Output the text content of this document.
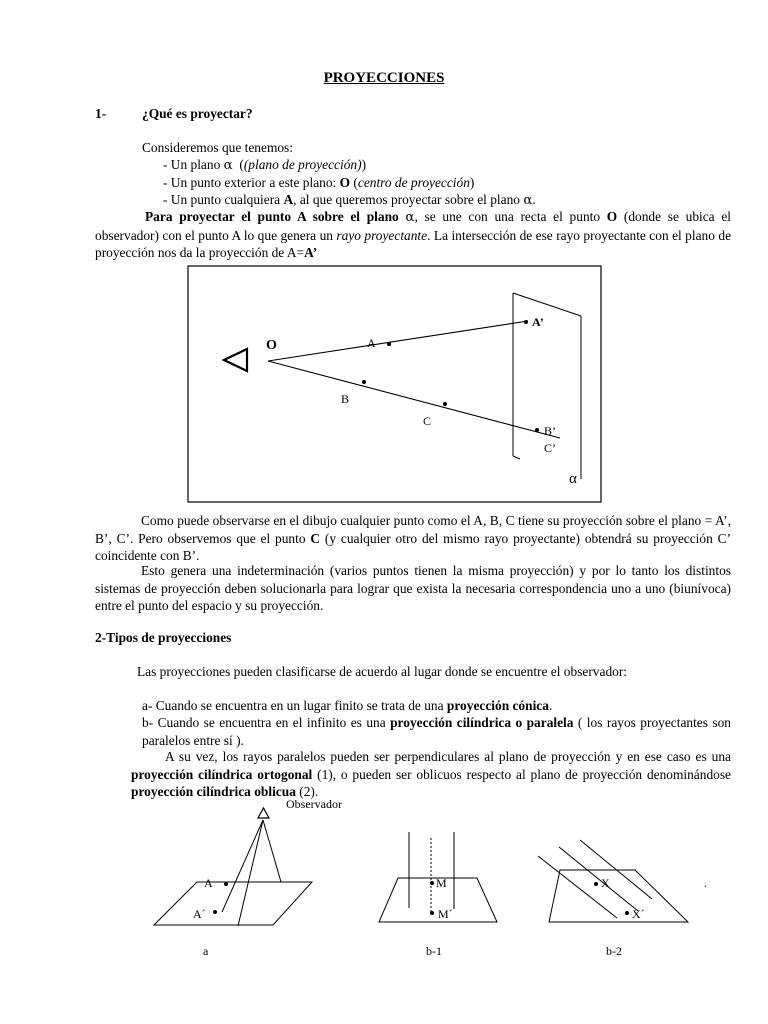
PROYECCIONES
1-	¿Qué es proyectar?
Consideremos que tenemos:
- Un plano α  ((plano de proyección))
- Un punto exterior a este plano: O (centro de proyección)
- Un punto cualquiera A, al que queremos proyectar sobre el plano α.
Para proyectar el punto A sobre el plano α, se une con una recta el punto O (donde se ubica el observador) con el punto A lo que genera un rayo proyectante. La intersección de ese rayo proyectante con el plano de proyección nos da la proyección de A=A’
O	A
B
C
A’
B’
C’
α
Como puede observarse en el dibujo cualquier punto como el A, B, C tiene su proyección sobre el plano = A’, B’, C’. Pero observemos que el punto C (y cualquier otro del mismo rayo proyectante) obtendrá su proyección C’ coincidente con B’.
Esto genera una indeterminación (varios puntos tienen la misma proyección) y por lo tanto los distintos sistemas de proyección deben solucionarla para lograr que exista la necesaria correspondencia uno a uno (biunívoca) entre el punto del espacio y su proyección.
2-Tipos de proyecciones
Las proyecciones pueden clasificarse de acuerdo al lugar donde se encuentre el observador:
a- Cuando se encuentra en un lugar finito se trata de una proyección cónica.
b- Cuando se encuentra en el infinito es una proyección cilíndrica o paralela ( los rayos proyectantes son paralelos entre sí ).
A su vez, los rayos paralelos pueden ser perpendiculares al plano de proyección y en ese caso es una proyección cilíndrica ortogonal (1), o pueden ser oblicuos respecto al plano de proyección denominándose proyección cilíndrica oblicua (2).
Observador
A
A´
a
M
M´
b-1
X
X´
.
b-2
